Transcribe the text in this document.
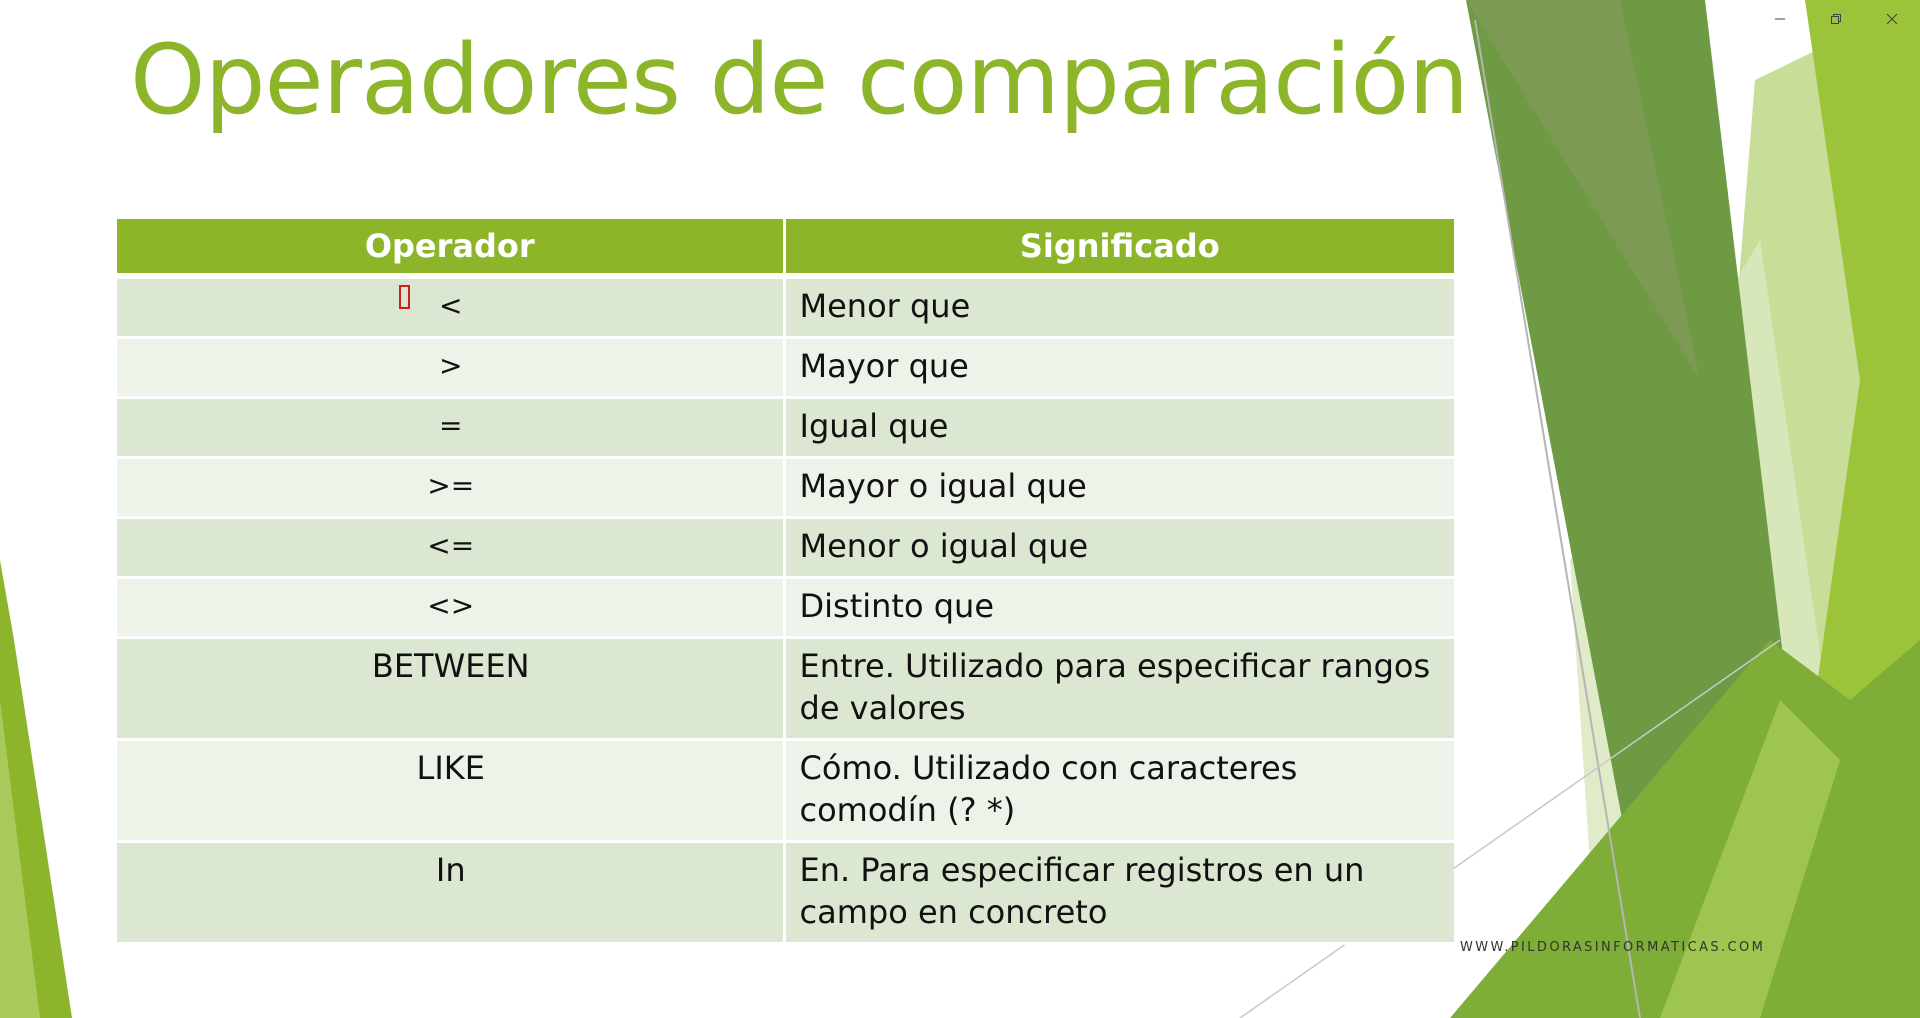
Operadores de comparación
Operador	Significado
<	Menor que
>	Mayor que
=	Igual que
>=	Mayor o igual que
<=	Menor o igual que
<>	Distinto que
BETWEEN	Entre. Utilizado para especificar rangos de valores
LIKE	Cómo. Utilizado con caracteres comodín (? *)
In	En. Para especificar registros en un campo en concreto
WWW.PILDORASINFORMATICAS.COM
